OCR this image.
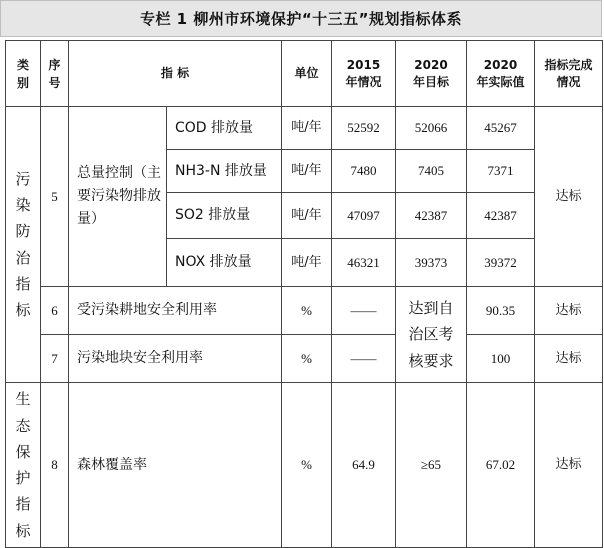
专栏 1 柳州市环境保护“十三五”规划指标体系
类别	序号	指 标		单位	2015 年情况	2020 年目标	2020 年实际值	指标完成情况

污染防治指标	5	总量控制（主要污染物排放量）	COD 排放量	吨/年	52592	52066	45267	达标
			NH3-N 排放量	吨/年	7480	7405	7371	
			SO2 排放量	吨/年	47097	42387	42387	
			NOX 排放量	吨/年	46321	39373	39372	
	6	受污染耕地安全利用率		%	——	达到自治区考核要求	90.35	达标
	7	污染地块安全利用率		%	——		100	达标
生态保护指标	8	森林覆盖率		%	64.9	≥65	67.02	达标
